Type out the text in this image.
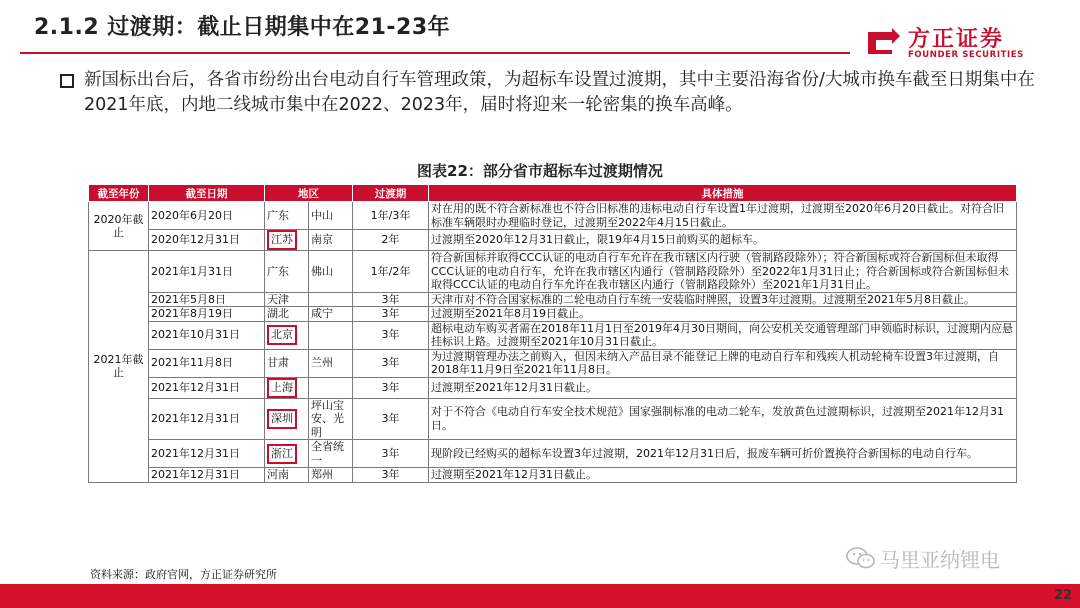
2.1.2 过渡期：截止日期集中在21-23年	方正证券
FOUNDER SECURITIES
新国标出台后，各省市纷纷出台电动自行车管理政策，为超标车设置过渡期，其中主要沿海省份/大城市换车截至日期集中在2021年底，内地二线城市集中在2022、2023年，届时将迎来一轮密集的换车高峰。
图表22：部分省市超标车过渡期情况
截至年份	截至日期	地区		过渡期	具体措施
2020年截止	2020年6月20日	广东	中山	1年/3年	对在用的既不符合新标准也不符合旧标准的违标电动自行车设置1年过渡期，过渡期至2020年6月20日截止。对符合旧标准车辆限时办理临时登记，过渡期至2022年4月15日截止。
	2020年12月31日	江苏	南京	2年	过渡期至2020年12月31日截止，限19年4月15日前购买的超标车。
2021年截止	2021年1月31日	广东	佛山	1年/2年	符合新国标并取得CCC认证的电动自行车允许在我市辖区内行驶（管制路段除外）；符合新国标或符合新国标但未取得CCC认证的电动自行车，允许在我市辖区内通行（管制路段除外）至2022年1月31日止；符合新国标或符合新国标但未取得CCC认证的电动自行车允许在我市辖区内通行（管制路段除外）至2021年1月31日止。
	2021年5月8日	天津		3年	天津市对不符合国家标准的二轮电动自行车统一安装临时牌照，设置3年过渡期。过渡期至2021年5月8日截止。
	2021年8月19日	湖北	咸宁	3年	过渡期至2021年8月19日截止。
	2021年10月31日	北京		3年	超标电动车购买者需在2018年11月1日至2019年4月30日期间，向公安机关交通管理部门申领临时标识，过渡期内应悬挂标识上路。过渡期至2021年10月31日截止。
	2021年11月8日	甘肃	兰州	3年	为过渡期管理办法之前购入，但因未纳入产品目录不能登记上牌的电动自行车和残疾人机动轮椅车设置3年过渡期，自2018年11月9日至2021年11月8日。
	2021年12月31日	上海		3年	过渡期至2021年12月31日截止。
	2021年12月31日	深圳	坪山宝安、光明	3年	对于不符合《电动自行车安全技术规范》国家强制标准的电动二轮车，发放黄色过渡期标识，过渡期至2021年12月31日。
	2021年12月31日	浙江	全省统一	3年	现阶段已经购买的超标车设置3年过渡期，2021年12月31日后，报废车辆可折价置换符合新国标的电动自行车。
	2021年12月31日	河南	郑州	3年	过渡期至2021年12月31日截止。
资料来源：政府官网，方正证券研究所
马里亚纳锂电
22
